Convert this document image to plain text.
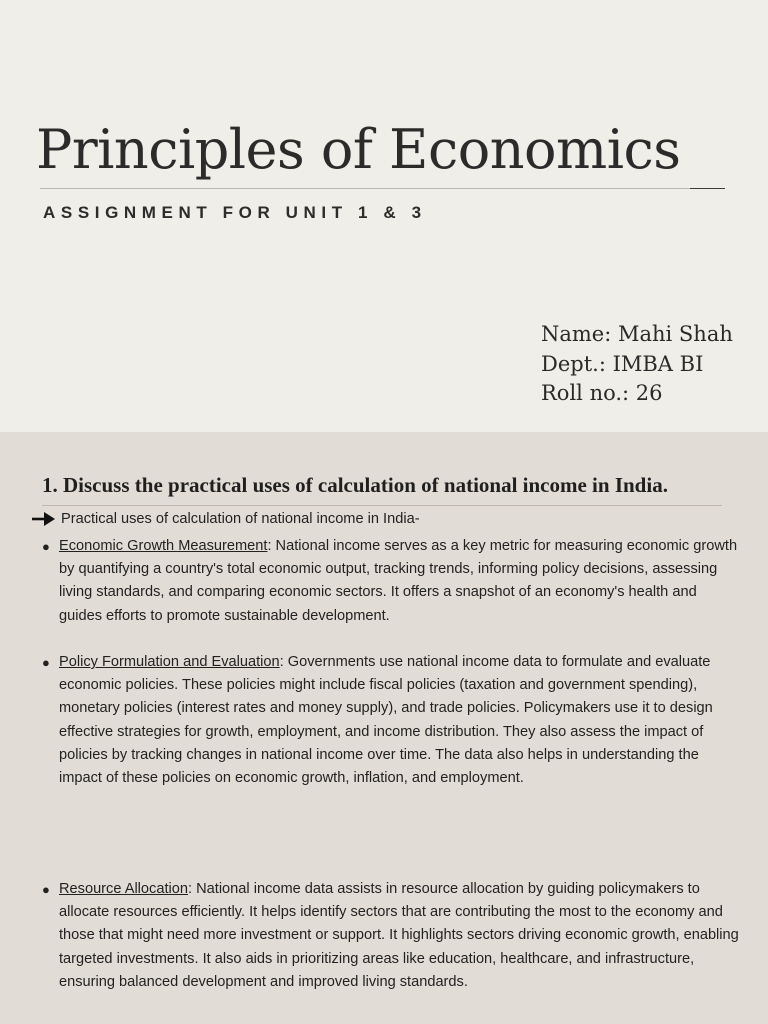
Principles of Economics
ASSIGNMENT FOR UNIT 1 & 3
Name: Mahi Shah
Dept.: IMBA BI
Roll no.: 26
1. Discuss the practical uses of calculation of national income in India.
Practical uses of calculation of national income in India-
● Economic Growth Measurement: National income serves as a key metric for measuring economic growth by quantifying a country's total economic output, tracking trends, informing policy decisions, assessing living standards, and comparing economic sectors. It offers a snapshot of an economy's health and guides efforts to promote sustainable development.
● Policy Formulation and Evaluation: Governments use national income data to formulate and evaluate economic policies. These policies might include fiscal policies (taxation and government spending), monetary policies (interest rates and money supply), and trade policies. Policymakers use it to design effective strategies for growth, employment, and income distribution. They also assess the impact of policies by tracking changes in national income over time. The data also helps in understanding the impact of these policies on economic growth, inflation, and employment.
● Resource Allocation: National income data assists in resource allocation by guiding policymakers to allocate resources efficiently. It helps identify sectors that are contributing the most to the economy and those that might need more investment or support. It highlights sectors driving economic growth, enabling targeted investments. It also aids in prioritizing areas like education, healthcare, and infrastructure, ensuring balanced development and improved living standards.
